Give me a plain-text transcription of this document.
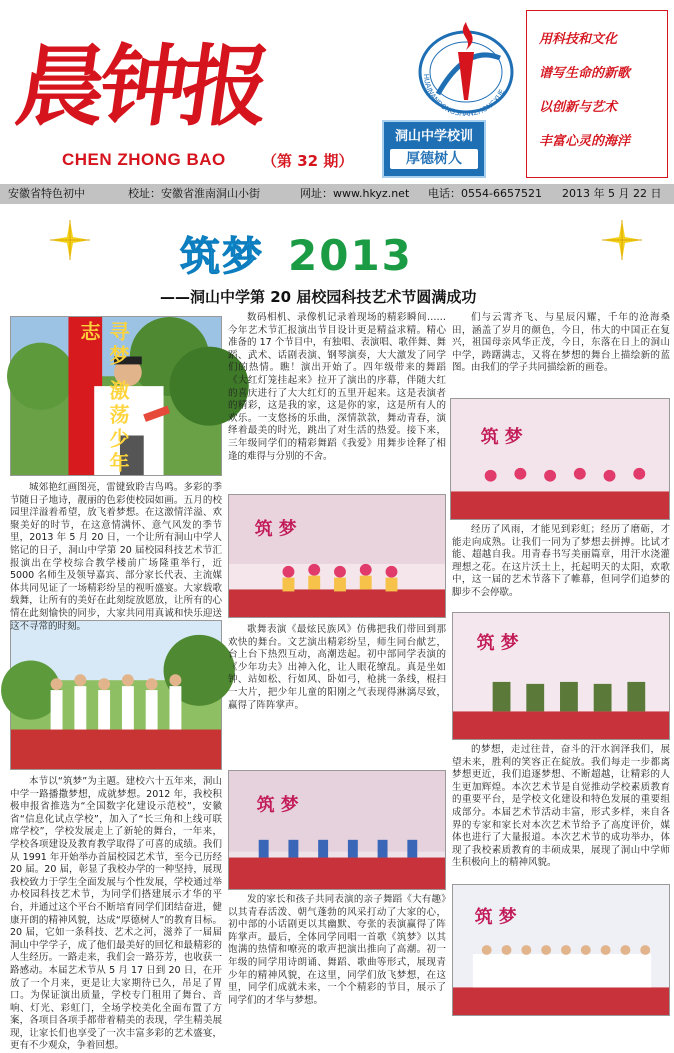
晨钟报
CHEN ZHONG BAO （第 32 期）
HUAINANDONGSHANZHONGXUE
洞山中学校训
厚德树人
用科技和文化
谱写生命的新歌
以创新与艺术
丰富心灵的海洋
安徽省特色初中	校址：安徽省淮南洞山小街	网址：www.hkyz.net 电话：0554-6657521 2013 年 5 月 22 日
筑梦 2013
——洞山中学第 20 届校园科技艺术节圆满成功
寻梦 激荡少年志
筑 梦
筑 梦
筑 梦
筑 梦
筑 梦

城郊艳红画图亮，雷键致聆吉鸟鸣。多彩的季节随日子地诗，靓丽的色彩使校园如画。五月的校园里洋溢着希望，放飞着梦想。在这激情洋溢、欢聚美好的时节，在这意情满怀、意气风发的季节里，2013 年 5 月 20 日，一个让所有洞山中学人铭记的日子，洞山中学第 20 届校园科技艺术节汇报演出在学校综合教学楼前广场隆重举行，近 5000 名师生及领导嘉宾、部分家长代表、主流媒体共同见证了一场精彩纷呈的视听盛宴。大家载歌载舞，让所有的美好在此刻绽放愿放，让所有的心情在此刻愉快的同步，大家共同用真诚和快乐迎送这不寻常的时刻。

本节以“筑梦”为主题。建校六十五年来，洞山中学一路播撒梦想，成就梦想。2012 年，我校积极申报省推选为“全国数字化建设示范校”，安徽省“信息化试点学校”，加入了“长三角和上线可联席学校”，学校发展走上了新轮的舞台，一年来，学校各项建设及教育教学取得了可喜的成绩。我们从 1991 年开始举办首届校园艺术节，至今已历经 20 届。20 届，彰显了我校办学的一种坚持，展现我校致力于学生全面发展与个性发展，学校通过举办校园科技艺术节，为同学们搭建展示才华的平台，并通过这个平台不断培育同学们团结奋进，健康开朗的精神风貌，达成“厚德树人”的教育目标。20 届，它如一条科技、艺术之河，滋养了一届届洞山中学学子，成了他们最美好的回忆和最精彩的人生经历。一路走来，我们会一路芬芳，也收获一路感动。本届艺术节从 5 月 17 日到 20 日，在开放了一个月来，更是让大家期待已久，吊足了胃口。为保证演出质量，学校专门租用了舞台、音响、灯光、彩虹门，全场学校美化全面布置了方案，各项目各项手都带着精美的表现，学生精美展现，让家长们也享受了一次丰富多彩的艺术盛宴，更有不少观众，争着回想。

数码相机、录像机记录着现场的精彩瞬间……今年艺术节汇报演出节目设计更是精益求精。精心准备的 17 个节目中，有独唱、表演唱、歌伴舞、舞蹈、武术、话剧表演、钢琴演奏，大大激发了同学们的热情。瞧！演出开始了。四年级带来的舞蹈《大红灯笼挂起来》拉开了演出的序幕，伴随大红的喜庆进行了大大红灯的五里开起来。这是表演者的精彩，这是我的家，这是你的家，这是所有人的欢乐。一支悠扬的乐曲，深情款款，舞动青春，演绎着最美的时光，跳出了对生活的热爱。接下来，三年级同学们的精彩舞蹈《我爱》用舞步诠释了相逢的难得与分别的不舍。

歌舞表演《最炫民族风》仿佛把我们带回到那欢快的舞台。文艺演出精彩纷呈，师生同台献艺，台上台下热烈互动，高潮迭起。初中部同学表演的《少年功夫》出神入化，让人眼花缭乱。真是坐如钟、站如松、行如风、卧如弓，枪挑一条线，棍扫一大片，把少年儿童的阳刚之气表现得淋漓尽致，赢得了阵阵掌声。

发的家长和孩子共同表演的亲子舞蹈《大有趣》以其青春活泼、朝气蓬勃的风采打动了大家的心，初中部的小话剧更以其幽默、夸张的表演赢得了阵阵掌声。最后，全体同学同唱一首歌《筑梦》以其饱满的热情和嘹亮的歌声把演出推向了高潮。初一年级的同学用诗朗诵、舞蹈、歌曲等形式，展现青少年的精神风貌，在这里，同学们放飞梦想，在这里，同学们成就未来，一个个精彩的节目，展示了同学们的才华与梦想。

们与云霄齐飞、与星辰闪耀，千年的沧海桑田，涵盖了岁月的颜色，今日，伟大的中国正在复兴，祖国母亲风华正茂，今日，东落在日上的洞山中学，踌躇满志，又将在梦想的舞台上描绘新的蓝图。由我们的学子共同描绘新的画卷。

经历了风雨，才能见到彩虹；经历了磨砺，才能走向成熟。让我们一同为了梦想去拼搏。比试才能、超越自我。用青春书写美丽篇章，用汗水浇灌理想之花。在这片沃土上，托起明天的太阳，欢歌中，这一届的艺术节落下了帷幕，但同学们追梦的脚步不会停歇。

的梦想，走过往昔，奋斗的汗水润泽我们，展望未来，胜利的笑容正在綻放。我们每走一步都离梦想更近，我们追逐梦想、不断超越，让精彩的人生更加辉煌。本次艺术节是自觉推动学校素质教育的重要平台，是学校文化建设和特色发展的重要组成部分。本届艺术节活动丰富，形式多样，来自各界的专家和家长对本次艺术节给予了高度评价，媒体也进行了大量报道。本次艺术节的成功举办，体现了我校素质教育的丰硕成果，展现了洞山中学师生积极向上的精神风貌。
